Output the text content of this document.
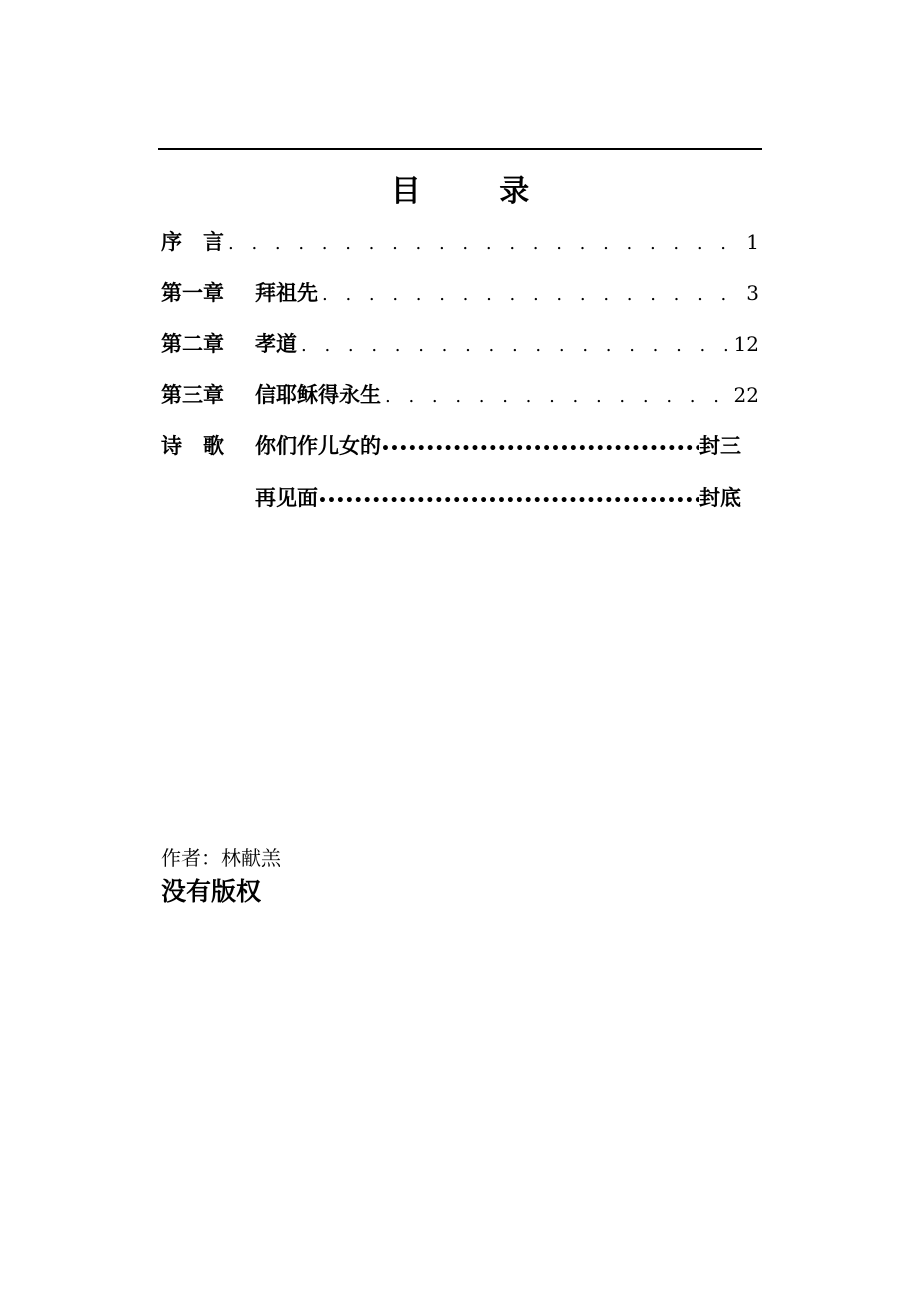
目 录
序　言 . . .	1
第一章	拜祖先 . . .	3
第二章	孝道 . . .	12
第三章	信耶稣得永生 . . .	22
诗　歌	你们作儿女的 •••••	封三
再见面 •••••	封底
作者：林献羔
没有版权
